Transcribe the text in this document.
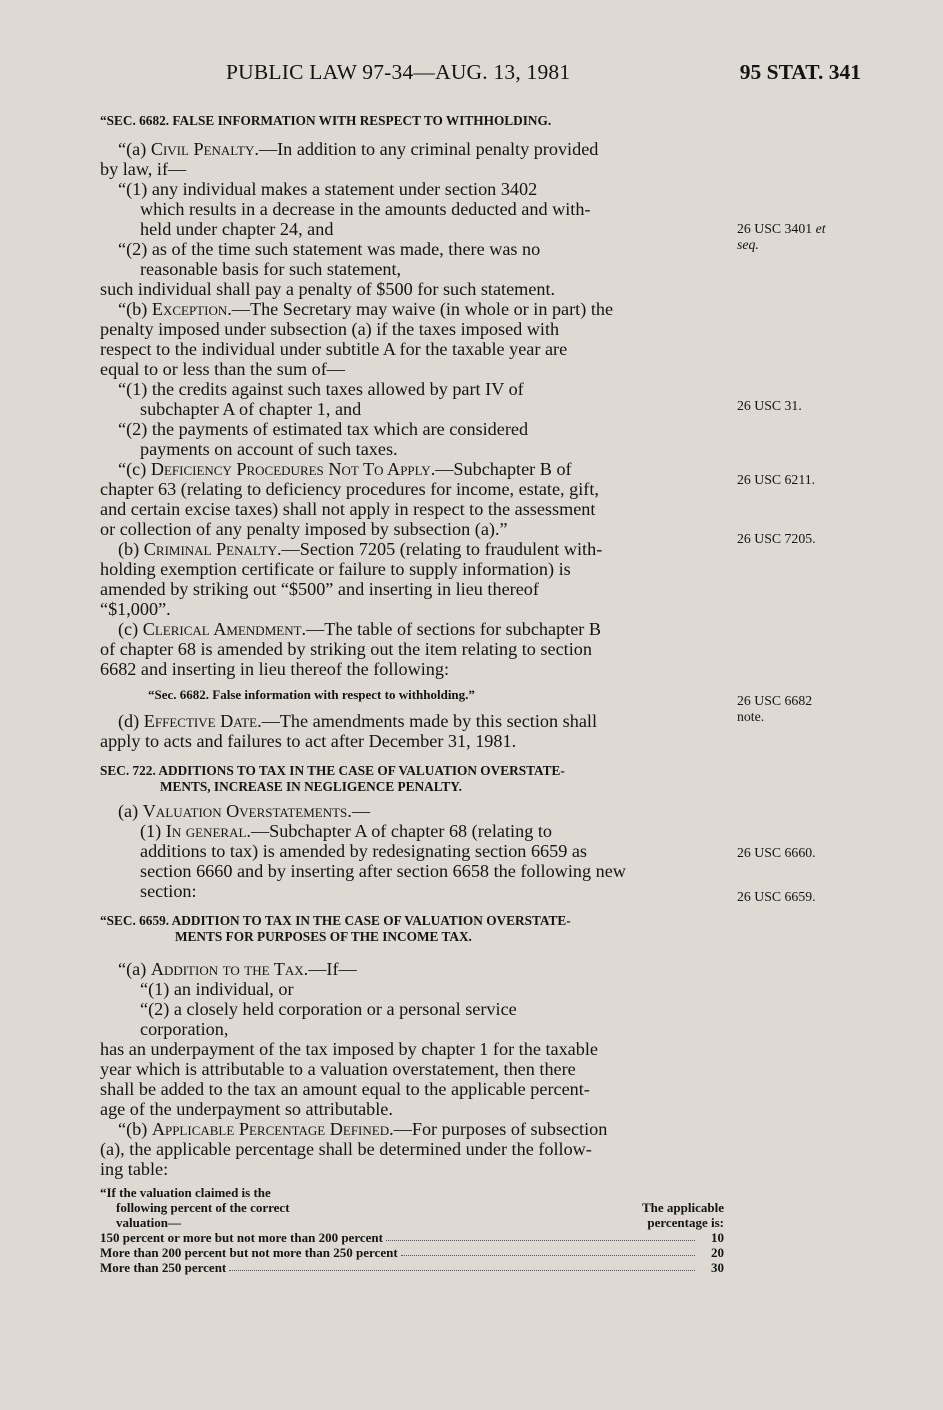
PUBLIC LAW 97-34—AUG. 13, 1981	95 STAT. 341
“SEC. 6682. FALSE INFORMATION WITH RESPECT TO WITHHOLDING.
“(a) Civil Penalty.—In addition to any criminal penalty provided
by law, if—
“(1) any individual makes a statement under section 3402
which results in a decrease in the amounts deducted and with-
held under chapter 24, and
“(2) as of the time such statement was made, there was no
reasonable basis for such statement,
such individual shall pay a penalty of $500 for such statement.
“(b) Exception.—The Secretary may waive (in whole or in part) the
penalty imposed under subsection (a) if the taxes imposed with
respect to the individual under subtitle A for the taxable year are
equal to or less than the sum of—
“(1) the credits against such taxes allowed by part IV of
subchapter A of chapter 1, and
“(2) the payments of estimated tax which are considered
payments on account of such taxes.
“(c) Deficiency Procedures Not To Apply.—Subchapter B of
chapter 63 (relating to deficiency procedures for income, estate, gift,
and certain excise taxes) shall not apply in respect to the assessment
or collection of any penalty imposed by subsection (a).”
(b) Criminal Penalty.—Section 7205 (relating to fraudulent with-
holding exemption certificate or failure to supply information) is
amended by striking out “$500” and inserting in lieu thereof
“$1,000”.
(c) Clerical Amendment.—The table of sections for subchapter B
of chapter 68 is amended by striking out the item relating to section
6682 and inserting in lieu thereof the following:
“Sec. 6682. False information with respect to withholding.”
(d) Effective Date.—The amendments made by this section shall
apply to acts and failures to act after December 31, 1981.
SEC. 722. ADDITIONS TO TAX IN THE CASE OF VALUATION OVERSTATE-
MENTS, INCREASE IN NEGLIGENCE PENALTY.
(a) Valuation Overstatements.—
(1) In general.—Subchapter A of chapter 68 (relating to
additions to tax) is amended by redesignating section 6659 as
section 6660 and by inserting after section 6658 the following new
section:
“SEC. 6659. ADDITION TO TAX IN THE CASE OF VALUATION OVERSTATE-
MENTS FOR PURPOSES OF THE INCOME TAX.
“(a) Addition to the Tax.—If—
“(1) an individual, or
“(2) a closely held corporation or a personal service
corporation,
has an underpayment of the tax imposed by chapter 1 for the taxable
year which is attributable to a valuation overstatement, then there
shall be added to the tax an amount equal to the applicable percent-
age of the underpayment so attributable.
“(b) Applicable Percentage Defined.—For purposes of subsection
(a), the applicable percentage shall be determined under the follow-
ing table:
“If the valuation claimed is the
following percent of the correct	The applicable
valuation—	percentage is:
150 percent or more but not more than 200 percent	10
More than 200 percent but not more than 250 percent	20
More than 250 percent	30
26 USC 3401 et
seq.
26 USC 31.
26 USC 6211.
26 USC 7205.
26 USC 6682
note.
26 USC 6660.
26 USC 6659.
